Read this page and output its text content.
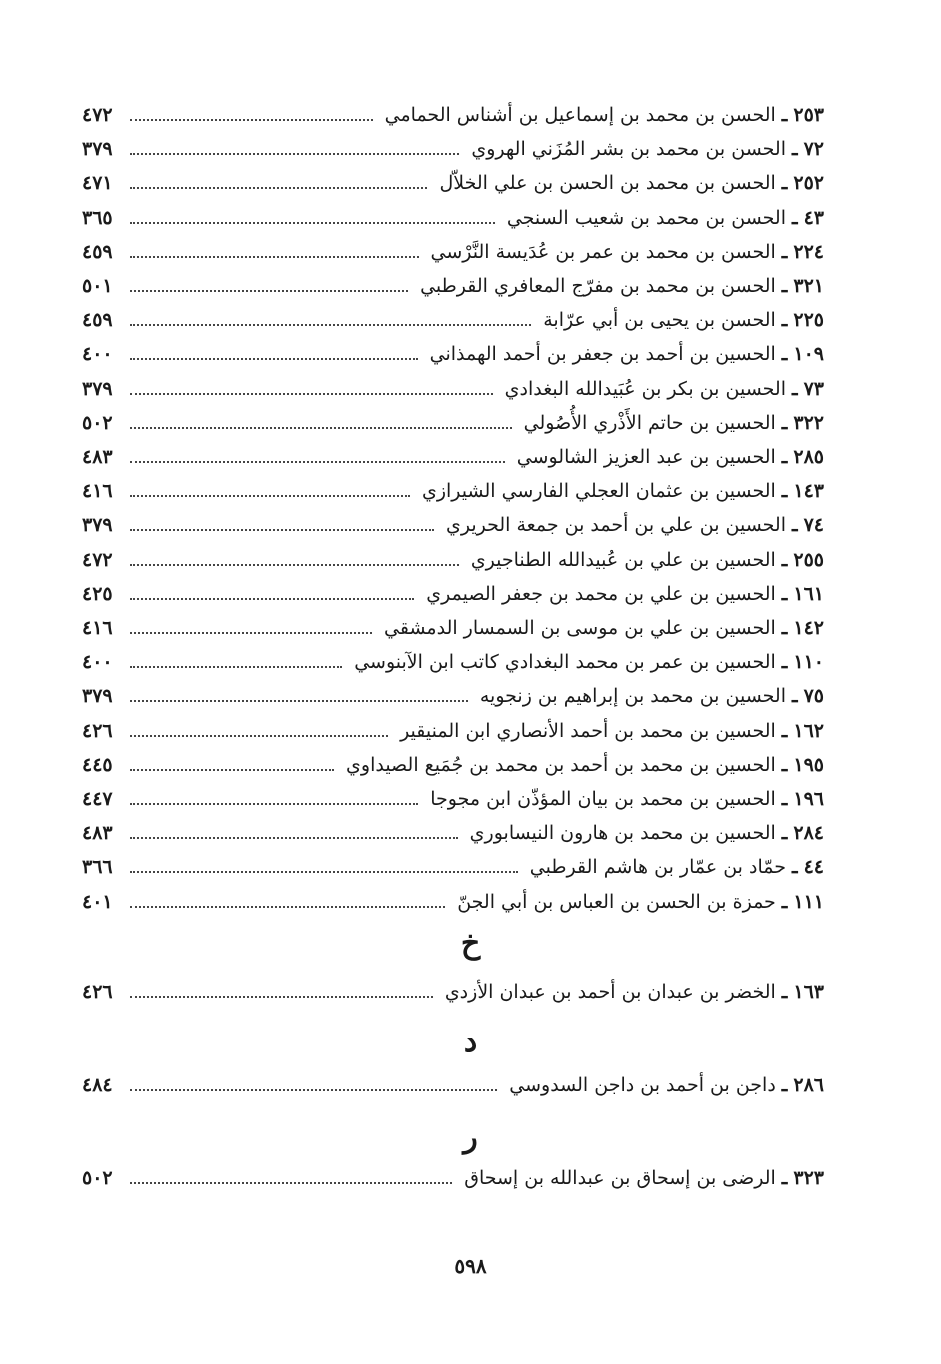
٢٥٣
ـ
الحسن بن محمد بن إسماعيل بن أشناس الحمامي
٤٧٢
٧٢
ـ
الحسن بن محمد بن بشر المُزَني الهروي
٣٧٩
٢٥٢
ـ
الحسن بن محمد بن الحسن بن علي الخلاّل
٤٧١
٤٣
ـ
الحسن بن محمد بن شعيب السنجي
٣٦٥
٢٢٤
ـ
الحسن بن محمد بن عمر بن عُدَيسة النَّرْسي
٤٥٩
٣٢١
ـ
الحسن بن محمد بن مفرّج المعافري القرطبي
٥٠١
٢٢٥
ـ
الحسن بن يحيى بن أبي عرّابة
٤٥٩
١٠٩
ـ
الحسين بن أحمد بن جعفر بن أحمد الهمذاني
٤٠٠
٧٣
ـ
الحسين بن بكر بن عُبَيدالله البغدادي
٣٧٩
٣٢٢
ـ
الحسين بن حاتم الأَذْري الأُصُولي
٥٠٢
٢٨٥
ـ
الحسين بن عبد العزيز الشالوسي
٤٨٣
١٤٣
ـ
الحسين بن عثمان العجلي الفارسي الشيرازي
٤١٦
٧٤
ـ
الحسين بن علي بن أحمد بن جمعة الحريري
٣٧٩
٢٥٥
ـ
الحسين بن علي بن عُبيدالله الطناجيري
٤٧٢
١٦١
ـ
الحسين بن علي بن محمد بن جعفر الصيمري
٤٢٥
١٤٢
ـ
الحسين بن علي بن موسى بن السمسار الدمشقي
٤١٦
١١٠
ـ
الحسين بن عمر بن محمد البغدادي كاتب ابن الآبنوسي
٤٠٠
٧٥
ـ
الحسين بن محمد بن إبراهيم بن زنجويه
٣٧٩
١٦٢
ـ
الحسين بن محمد بن أحمد الأنصاري ابن المنيقير
٤٢٦
١٩٥
ـ
الحسين بن محمد بن أحمد بن محمد بن جُمَيع الصيداوي
٤٤٥
١٩٦
ـ
الحسين بن محمد بن بيان المؤذّن ابن مجوجا
٤٤٧
٢٨٤
ـ
الحسين بن محمد بن هارون النيسابوري
٤٨٣
٤٤
ـ
حمّاد بن عمّار بن هاشم القرطبي
٣٦٦
١١١
ـ
حمزة بن الحسن بن العباس بن أبي الجنّ
٤٠١
خ
د
ر
٥٩٨
١٦٣
ـ
الخضر بن عبدان بن أحمد بن عبدان الأزدي
٤٢٦
٢٨٦
ـ
داجن بن أحمد بن داجن السدوسي
٤٨٤
٣٢٣
ـ
الرضى بن إسحاق بن عبدالله بن إسحاق
٥٠٢
